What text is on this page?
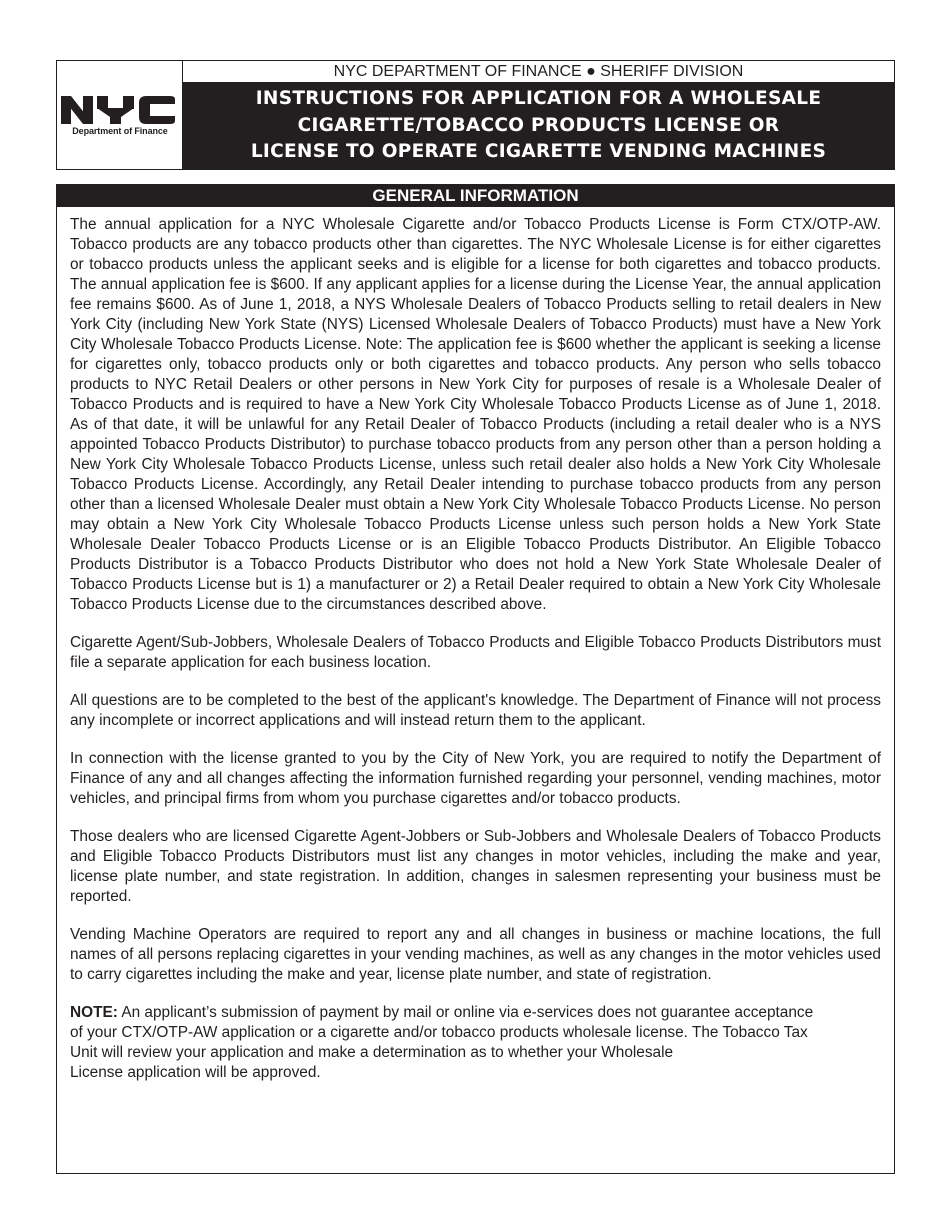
NYC
Department of Finance
NYC DEPARTMENT OF FINANCE ● SHERIFF DIVISION
INSTRUCTIONS FOR APPLICATION FOR A WHOLESALE
CIGARETTE/TOBACCO PRODUCTS LICENSE OR
LICENSE TO OPERATE CIGARETTE VENDING MACHINES
GENERAL INFORMATION

The annual application for a NYC Wholesale Cigarette and/or Tobacco Products License is Form CTX/OTP-AW. Tobacco products are any tobacco products other than cigarettes. The NYC Wholesale License is for either cigarettes or tobacco products unless the applicant seeks and is eligible for a license for both cigarettes and tobacco products. The annual application fee is $600. If any applicant applies for a license during the License Year, the annual application fee remains $600. As of June 1, 2018, a NYS Wholesale Dealers of Tobacco Products selling to retail dealers in New York City (including New York State (NYS) Licensed Wholesale Dealers of Tobacco Products) must have a New York City Wholesale Tobacco Products License. Note: The application fee is $600 whether the applicant is seeking a license for cigarettes only, tobacco products only or both cigarettes and tobacco products. Any person who sells tobacco products to NYC Retail Dealers or other persons in New York City for purposes of resale is a Wholesale Dealer of Tobacco Products and is required to have a New York City Wholesale Tobacco Products License as of June 1, 2018. As of that date, it will be unlawful for any Retail Dealer of Tobacco Products (including a retail dealer who is a NYS appointed Tobacco Products Distributor) to purchase tobacco products from any person other than a person holding a New York City Wholesale Tobacco Products License, unless such retail dealer also holds a New York City Wholesale Tobacco Products License. Accordingly, any Retail Dealer intending to purchase tobacco products from any person other than a licensed Wholesale Dealer must obtain a New York City Wholesale Tobacco Products License. No person may obtain a New York City Wholesale Tobacco Products License unless such person holds a New York State Wholesale Dealer Tobacco Products License or is an Eligible Tobacco Products Distributor. An Eligible Tobacco Products Distributor is a Tobacco Products Distributor who does not hold a New York State Wholesale Dealer of Tobacco Products License but is 1) a manufacturer or 2) a Retail Dealer required to obtain a New York City Wholesale Tobacco Products License due to the circumstances described above.

Cigarette Agent/Sub-Jobbers, Wholesale Dealers of Tobacco Products and Eligible Tobacco Products Distributors must file a separate application for each business location.

All questions are to be completed to the best of the applicant's knowledge. The Department of Finance will not process any incomplete or incorrect applications and will instead return them to the applicant.

In connection with the license granted to you by the City of New York, you are required to notify the Department of Finance of any and all changes affecting the information furnished regarding your personnel, vending machines, motor vehicles, and principal firms from whom you purchase cigarettes and/or tobacco products.

Those dealers who are licensed Cigarette Agent-Jobbers or Sub-Jobbers and Wholesale Dealers of Tobacco Products and Eligible Tobacco Products Distributors must list any changes in motor vehicles, including the make and year, license plate number, and state registration. In addition, changes in salesmen representing your business must be reported.

Vending Machine Operators are required to report any and all changes in business or machine locations, the full names of all persons replacing cigarettes in your vending machines, as well as any changes in the motor vehicles used to carry cigarettes including the make and year, license plate number, and state of registration.

NOTE: An applicant’s submission of payment by mail or online via e-services does not guarantee acceptance
of your CTX/OTP-AW application or a cigarette and/or tobacco products wholesale license. The Tobacco Tax
Unit will review your application and make a determination as to whether your Wholesale
License application will be approved.
